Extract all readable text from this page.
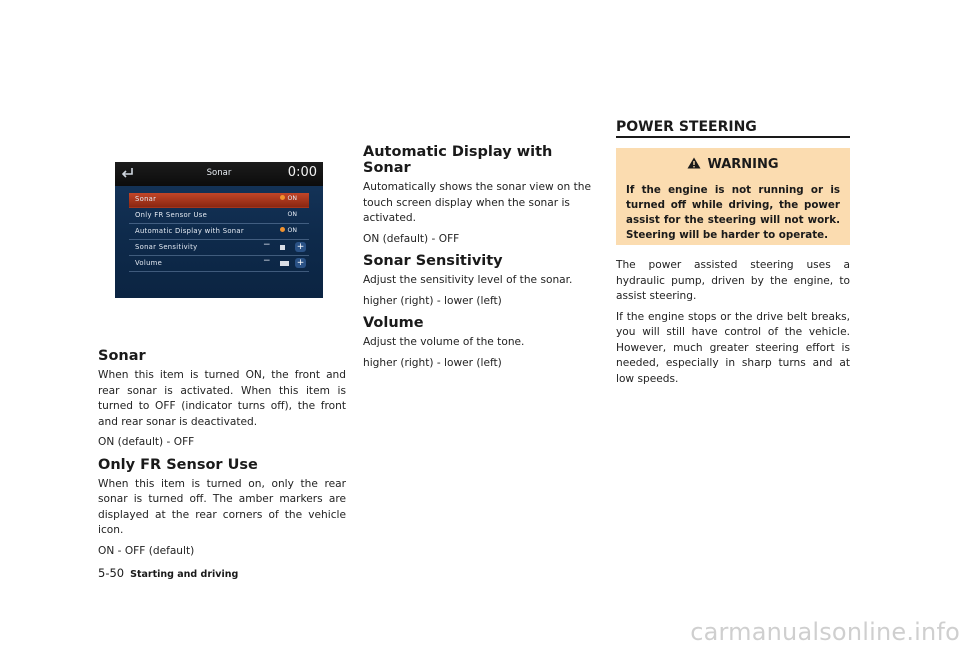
Sonar	0:00
Sonar	ON
Only FR Sensor Use	ON
Automatic Display with Sonar	ON
Sonar Sensitivity	−	+
Volume	−	+
Sonar

When this item is turned ON, the front and rear sonar is activated. When this item is turned to OFF (indicator turns off), the front and rear sonar is deactivated.

ON (default) - OFF

Only FR Sensor Use

When this item is turned on, only the rear sonar is turned off. The amber markers are displayed at the rear corners of the vehicle icon.

ON - OFF (default)

Automatic Display with Sonar

Automatically shows the sonar view on the touch screen display when the sonar is activated.

ON (default) - OFF

Sonar Sensitivity

Adjust the sensitivity level of the sonar.

higher (right) - lower (left)

Volume

Adjust the volume of the tone.

higher (right) - lower (left)

POWER STEERING
WARNING
If the engine is not running or is turned off while driving, the power assist for the steering will not work. Steering will be harder to operate.

The power assisted steering uses a hydraulic pump, driven by the engine, to assist steering.

If the engine stops or the drive belt breaks, you will still have control of the vehicle. However, much greater steering effort is needed, especially in sharp turns and at low speeds.

5-50 Starting and driving
carmanualsonline.info
